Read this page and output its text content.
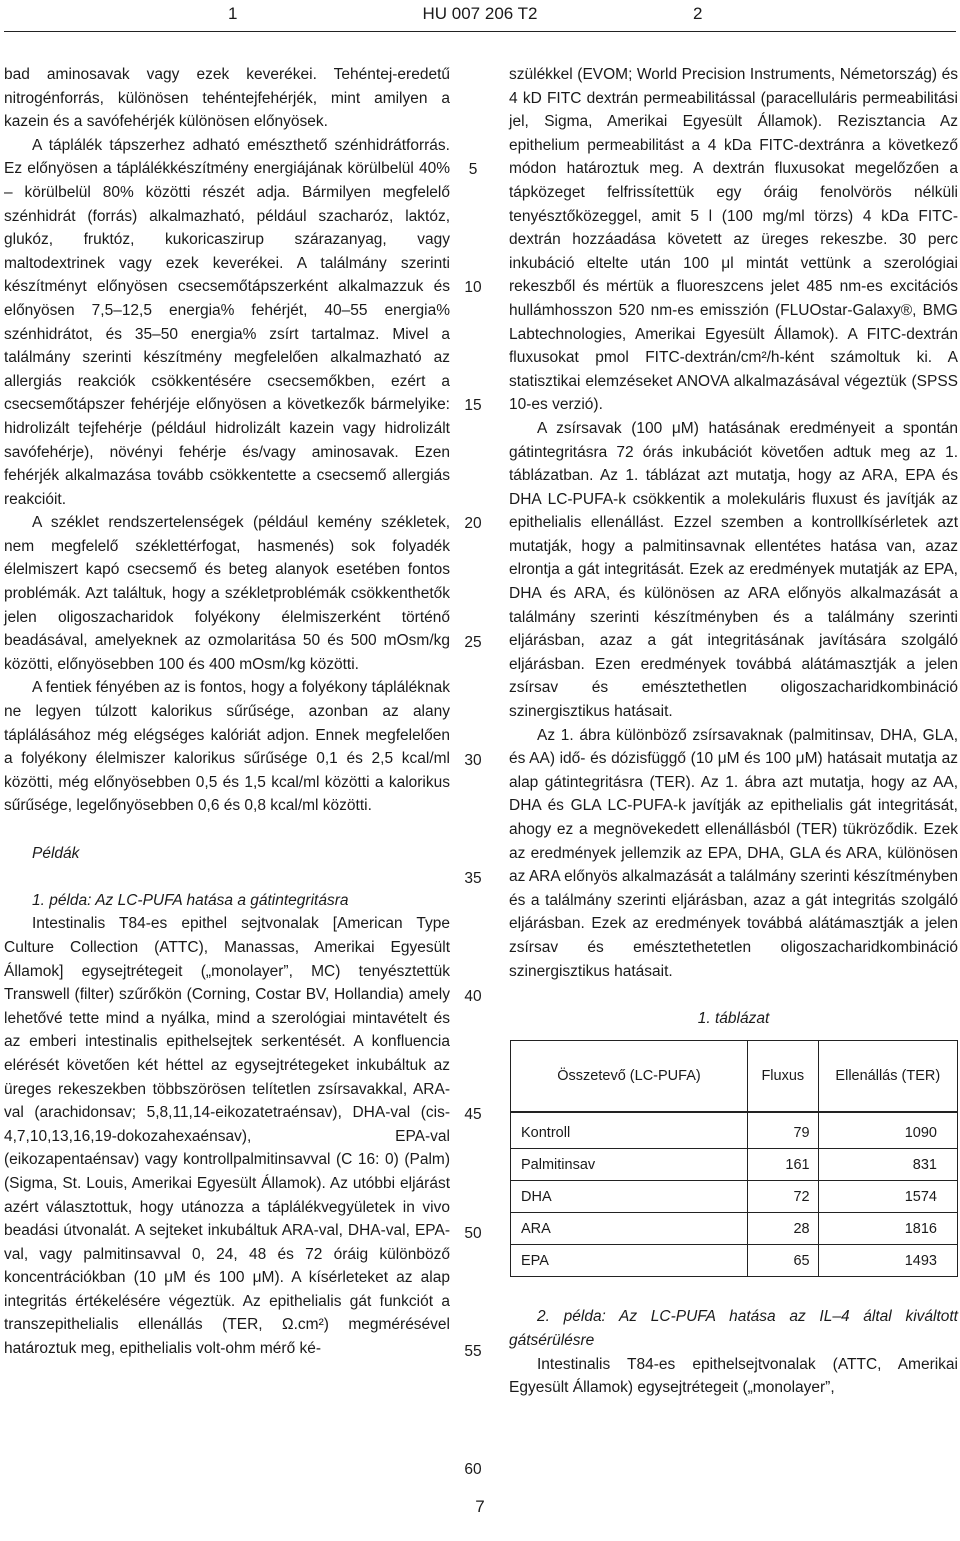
1	HU 007 206 T2	2

bad aminosavak vagy ezek keverékei. Tehéntej-eredetű nitrogénforrás, különösen tehéntejfehérjék, mint amilyen a kazein és a savófehérjék különösen előnyösek.

A táplálék tápszerhez adható emészthető szénhidrátforrás. Ez előnyösen a táplálékkészítmény energiájának körülbelül 40% – körülbelül 80% közötti részét adja. Bármilyen megfelelő szénhidrát (forrás) alkalmazható, például szacharóz, laktóz, glukóz, fruktóz, kukoricaszirup szárazanyag, vagy maltodextrinek vagy ezek keverékei. A találmány szerinti készítményt előnyösen csecsemőtápszerként alkalmazzuk és előnyösen 7,5–12,5 energia% fehérjét, 40–55 energia% szénhidrátot, és 35–50 energia% zsírt tartalmaz. Mivel a találmány szerinti készítmény megfelelően alkalmazható az allergiás reakciók csökkentésére csecsemőkben, ezért a csecsemőtápszer fehérjéje előnyösen a következők bármelyike: hidrolizált tejfehérje (például hidrolizált kazein vagy hidrolizált savófehérje), növényi fehérje és/vagy aminosavak. Ezen fehérjék alkalmazása tovább csökkentette a csecsemő allergiás reakcióit.

A széklet rendszertelenségek (például kemény székletek, nem megfelelő széklettérfogat, hasmenés) sok folyadék élelmiszert kapó csecsemő és beteg alanyok esetében fontos problémák. Azt találtuk, hogy a székletproblémák csökkenthetők jelen oligoszacharidok folyékony élelmiszerként történő beadásával, amelyeknek az ozmolaritása 50 és 500 mOsm/kg közötti, előnyösebben 100 és 400 mOsm/kg közötti.

A fentiek fényében az is fontos, hogy a folyékony tápláléknak ne legyen túlzott kalorikus sűrűsége, azonban az alany táplálásához még elégséges kalóriát adjon. Ennek megfelelően a folyékony élelmiszer kalorikus sűrűsége 0,1 és 2,5 kcal/ml közötti, még előnyösebben 0,5 és 1,5 kcal/ml közötti a kalorikus sűrűsége, legelőnyösebben 0,6 és 0,8 kcal/ml közötti.

Példák

1. példa: Az LC-PUFA hatása a gátintegritásra

Intestinalis T84-es epithel sejtvonalak [American Type Culture Collection (ATTC), Manassas, Amerikai Egyesült Államok] egysejtrétegeit („monolayer”, MC) tenyésztettük Transwell (filter) szűrőkön (Corning, Costar BV, Hollandia) amely lehetővé tette mind a nyálka, mind a szerológiai mintavételt és az emberi intestinalis epithelsejtek serkentését. A konfluencia elérését követően két héttel az egysejtrétegeket inkubáltuk az üreges rekeszekben többszörösen telítetlen zsírsavakkal, ARA-val (arachidonsav; 5,8,11,14-eikozatetraénsav), DHA-val (cis-4,7,10,13,16,19-dokozahexaénsav), EPA-val (eikozapentaénsav) vagy kontrollpalmitinsavval (C 16: 0) (Palm) (Sigma, St. Louis, Amerikai Egyesült Államok). Az utóbbi eljárást azért választottuk, hogy utánozza a táplálékvegyületek in vivo beadási útvonalát. A sejteket inkubáltuk ARA-val, DHA-val, EPA-val, vagy palmitinsavval 0, 24, 48 és 72 óráig különböző koncentrációkban (10 μM és 100 μM). A kísérleteket az alap integritás értékelésére végeztük. Az epithelialis gát funkciót a transzepithelialis ellenállás (TER, Ω.cm²) megmérésével határoztuk meg, epithelialis volt-ohm mérő ké-

5
10
15
20
25
30
35
40
45
50
55
60

szülékkel (EVOM; World Precision Instruments, Németország) és 4 kD FITC dextrán permeabilitással (paracelluláris permeabilitási jel, Sigma, Amerikai Egyesült Államok). Rezisztancia Az epithelium permeabilitást a 4 kDa FITC-dextránra a következő módon határoztuk meg. A dextrán fluxusokat megelőzően a tápközeget felfrissítettük egy óráig fenolvörös nélküli tenyésztőközeggel, amit 5 l (100 mg/ml törzs) 4 kDa FITC-dextrán hozzáadása követett az üreges rekeszbe. 30 perc inkubáció eltelte után 100 μl mintát vettünk a szerológiai rekeszből és mértük a fluoreszcens jelet 485 nm-es excitációs hullámhosszon 520 nm-es emisszión (FLUOstar-Galaxy®, BMG Labtechnologies, Amerikai Egyesült Államok). A FITC-dextrán fluxusokat pmol FITC-dextrán/cm²/h-ként számoltuk ki. A statisztikai elemzéseket ANOVA alkalmazásával végeztük (SPSS 10-es verzió).

A zsírsavak (100 μM) hatásának eredményeit a spontán gátintegritásra 72 órás inkubációt követően adtuk meg az 1. táblázatban. Az 1. táblázat azt mutatja, hogy az ARA, EPA és DHA LC-PUFA-k csökkentik a molekuláris fluxust és javítják az epithelialis ellenállást. Ezzel szemben a kontrollkísérletek azt mutatják, hogy a palmitinsavnak ellentétes hatása van, azaz elrontja a gát integritását. Ezek az eredmények mutatják az EPA, DHA és ARA, és különösen az ARA előnyös alkalmazását a találmány szerinti készítményben és a találmány szerinti eljárásban, azaz a gát integritásának javítására szolgáló eljárásban. Ezen eredmények továbbá alátámasztják a jelen zsírsav és emésztethetlen oligoszacharidkombináció szinergisztikus hatásait.

Az 1. ábra különböző zsírsavaknak (palmitinsav, DHA, GLA, és AA) idő- és dózisfüggő (10 μM és 100 μM) hatásait mutatja az alap gátintegritásra (TER). Az 1. ábra azt mutatja, hogy az AA, DHA és GLA LC-PUFA-k javítják az epithelialis gát integritását, ahogy ez a megnövekedett ellenállásból (TER) tükröződik. Ezek az eredmények jellemzik az EPA, DHA, GLA és ARA, különösen az ARA előnyös alkalmazását a találmány szerinti készítményben és a találmány szerinti eljárásban, azaz a gát integritás szolgáló eljárásban. Ezek az eredmények továbbá alátámasztják a jelen zsírsav és emésztethetetlen oligoszacharidkombináció szinergisztikus hatásait.

1. táblázat

Összetevő (LC-PUFA)	Fluxus	Ellenállás (TER)
Kontroll	79	1090
Palmitinsav	161	831
DHA	72	1574
ARA	28	1816
EPA	65	1493

2. példa: Az LC-PUFA hatása az IL–4 által kiváltott gátsérülésre

Intestinalis T84-es epithelsejtvonalak (ATTC, Amerikai Egyesült Államok) egysejtrétegeit („monolayer”,

7
